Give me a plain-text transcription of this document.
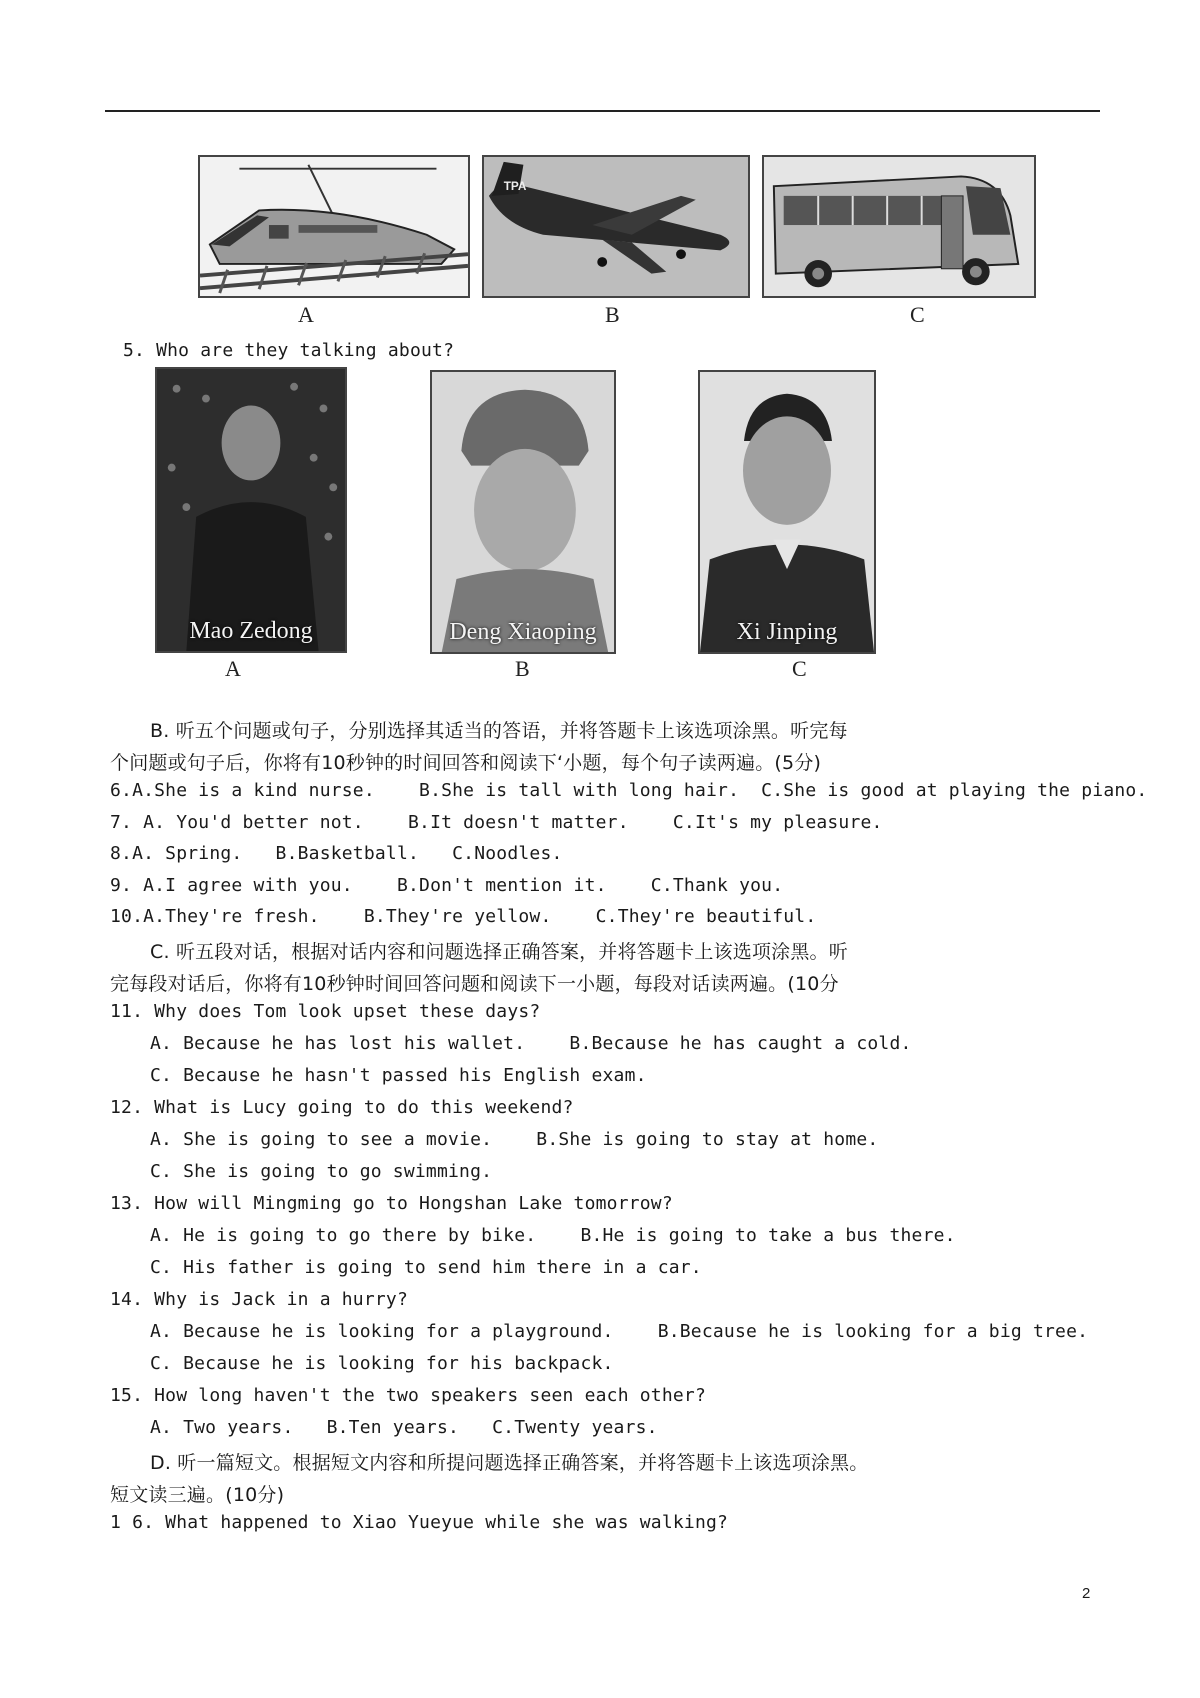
TPA
A	B	C
5. Who are they talking about?
Mao Zedong	Deng Xiaoping	Xi Jinping
A	B	C
B. 听五个问题或句子，分别选择其适当的答语，并将答题卡上该选项涂黑。听完每
个问题或句子后，你将有10秒钟的时间回答和阅读下‘小题，每个句子读两遍。(5分)
6.A.She is a kind nurse.    B.She is tall with long hair.  C.She is good at playing the piano.
7. A. You'd better not.    B.It doesn't matter.    C.It's my pleasure.
8.A. Spring.   B.Basketball.   C.Noodles.
9. A.I agree with you.    B.Don't mention it.    C.Thank you.
10.A.They're fresh.    B.They're yellow.    C.They're beautiful.
C. 听五段对话，根据对话内容和问题选择正确答案，并将答题卡上该选项涂黑。听
完每段对话后，你将有10秒钟时间回答问题和阅读下一小题，每段对话读两遍。(10分
11. Why does Tom look upset these days?
A. Because he has lost his wallet.    B.Because he has caught a cold.
C. Because he hasn't passed his English exam.
12. What is Lucy going to do this weekend?
A. She is going to see a movie.    B.She is going to stay at home.
C. She is going to go swimming.
13. How will Mingming go to Hongshan Lake tomorrow?
A. He is going to go there by bike.    B.He is going to take a bus there.
C. His father is going to send him there in a car.
14. Why is Jack in a hurry?
A. Because he is looking for a playground.    B.Because he is looking for a big tree.
C. Because he is looking for his backpack.
15. How long haven't the two speakers seen each other?
A. Two years.   B.Ten years.   C.Twenty years.
D. 听一篇短文。根据短文内容和所提问题选择正确答案，并将答题卡上该选项涂黑。
短文读三遍。(10分)
1 6. What happened to Xiao Yueyue while she was walking?
2
